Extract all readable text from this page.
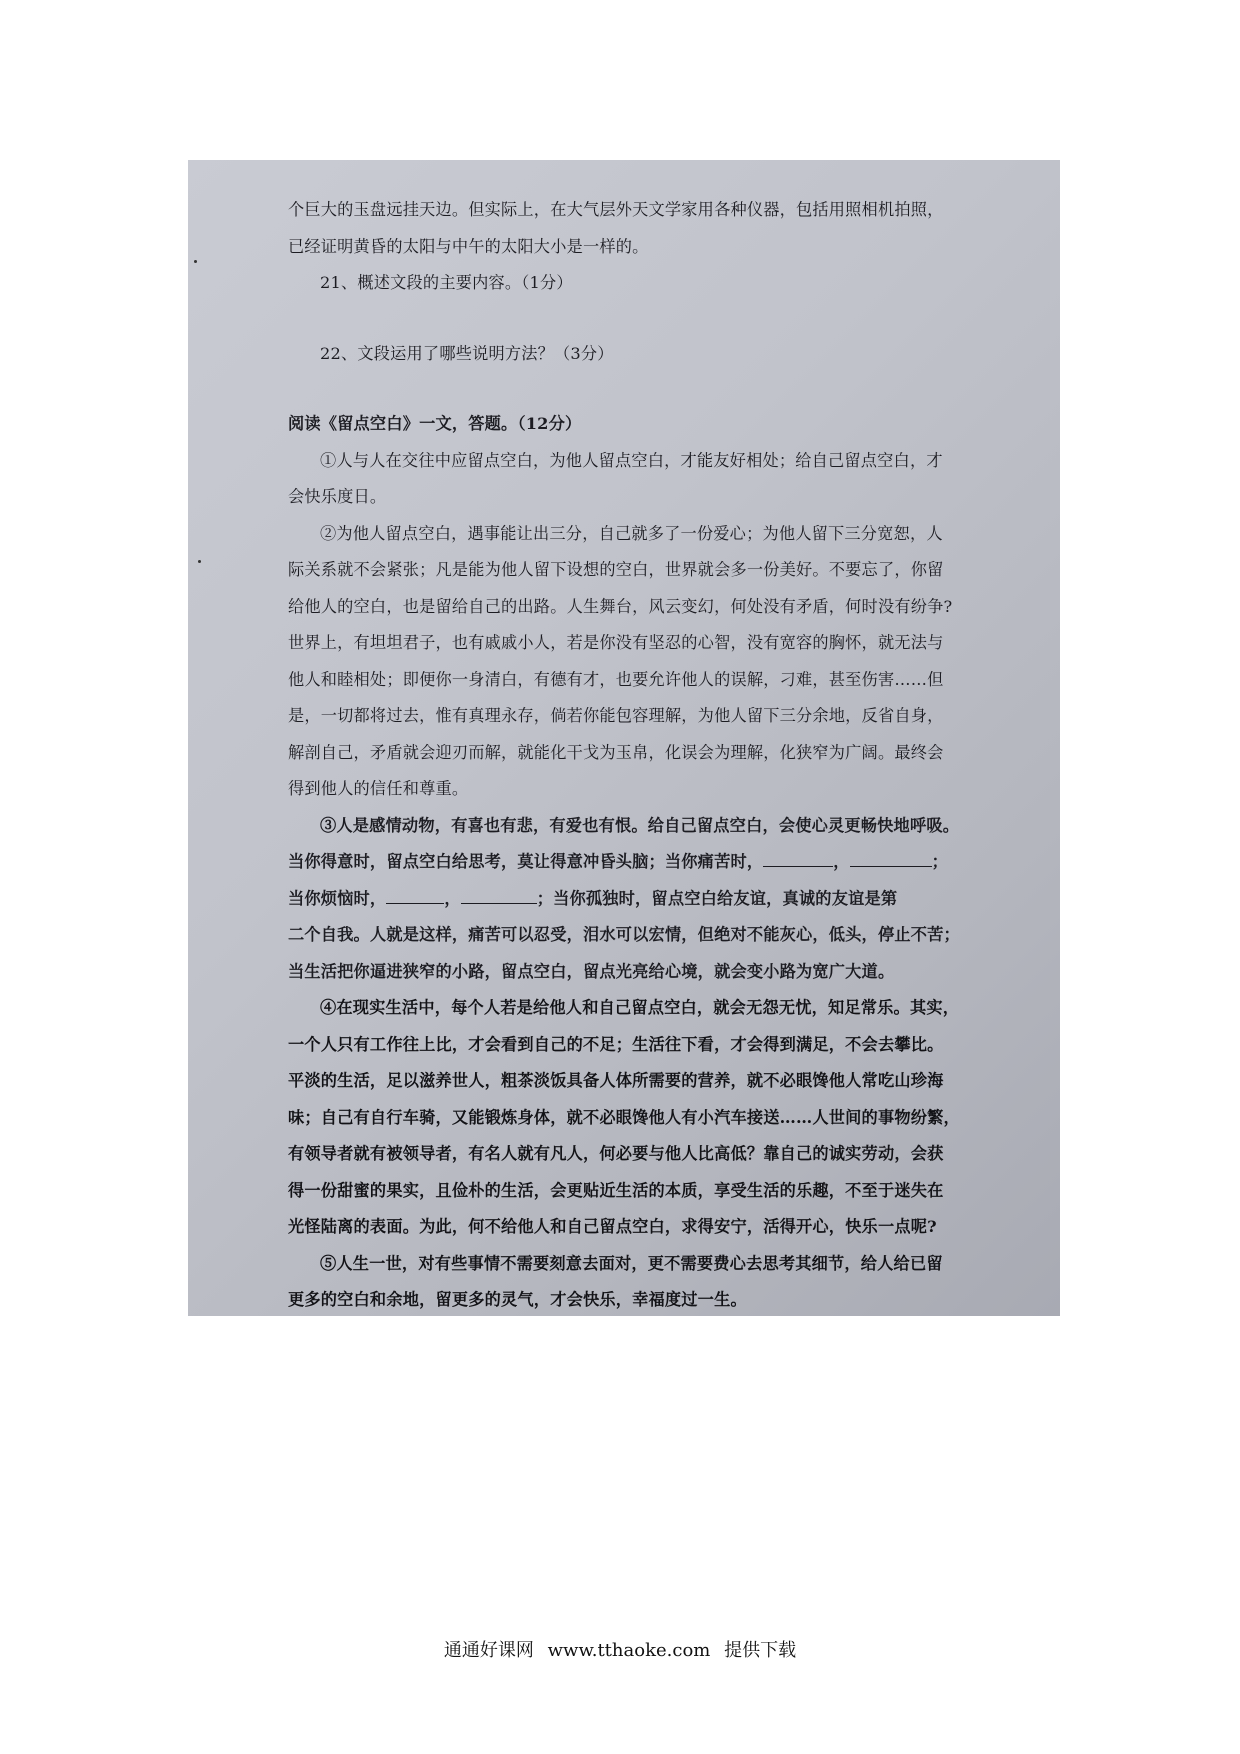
个巨大的玉盘远挂天边。但实际上，在大气层外天文学家用各种仪器，包括用照相机拍照，
已经证明黄昏的太阳与中午的太阳大小是一样的。
21、概述文段的主要内容。（1分）
22、文段运用了哪些说明方法？（3分）
阅读《留点空白》一文，答题。（12分）
①人与人在交往中应留点空白，为他人留点空白，才能友好相处；给自己留点空白，才
会快乐度日。
②为他人留点空白，遇事能让出三分，自己就多了一份爱心；为他人留下三分宽恕，人
际关系就不会紧张；凡是能为他人留下设想的空白，世界就会多一份美好。不要忘了，你留
给他人的空白，也是留给自己的出路。人生舞台，风云变幻，何处没有矛盾，何时没有纷争?
世界上，有坦坦君子，也有戚戚小人，若是你没有坚忍的心智，没有宽容的胸怀，就无法与
他人和睦相处；即便你一身清白，有德有才，也要允许他人的误解，刁难，甚至伤害……但
是，一切都将过去，惟有真理永存，倘若你能包容理解，为他人留下三分余地，反省自身，
解剖自己，矛盾就会迎刃而解，就能化干戈为玉帛，化误会为理解，化狭窄为广阔。最终会
得到他人的信任和尊重。
③人是感情动物，有喜也有悲，有爱也有恨。给自己留点空白，会使心灵更畅快地呼吸。
当你得意时，留点空白给思考，莫让得意冲昏头脑；当你痛苦时，	，	；
当你烦恼时，	，	；当你孤独时，留点空白给友谊，真诚的友谊是第
二个自我。人就是这样，痛苦可以忍受，泪水可以宏情，但绝对不能灰心，低头，停止不苦；
当生活把你逼进狭窄的小路，留点空白，留点光亮给心境，就会变小路为宽广大道。
④在现实生活中，每个人若是给他人和自己留点空白，就会无怨无忧，知足常乐。其实，
一个人只有工作往上比，才会看到自己的不足；生活往下看，才会得到满足，不会去攀比。
平淡的生活，足以滋养世人，粗茶淡饭具备人体所需要的营养，就不必眼馋他人常吃山珍海
味；自己有自行车骑，又能锻炼身体，就不必眼馋他人有小汽车接送……人世间的事物纷繁，
有领导者就有被领导者，有名人就有凡人，何必要与他人比高低？靠自己的诚实劳动，会获
得一份甜蜜的果实，且俭朴的生活，会更贴近生活的本质，享受生活的乐趣，不至于迷失在
光怪陆离的表面。为此，何不给他人和自己留点空白，求得安宁，活得开心，快乐一点呢?
⑤人生一世，对有些事情不需要刻意去面对，更不需要费心去思考其细节，给人给已留
更多的空白和余地，留更多的灵气，才会快乐，幸福度过一生。
通通好课网 www.tthaoke.com 提供下载
